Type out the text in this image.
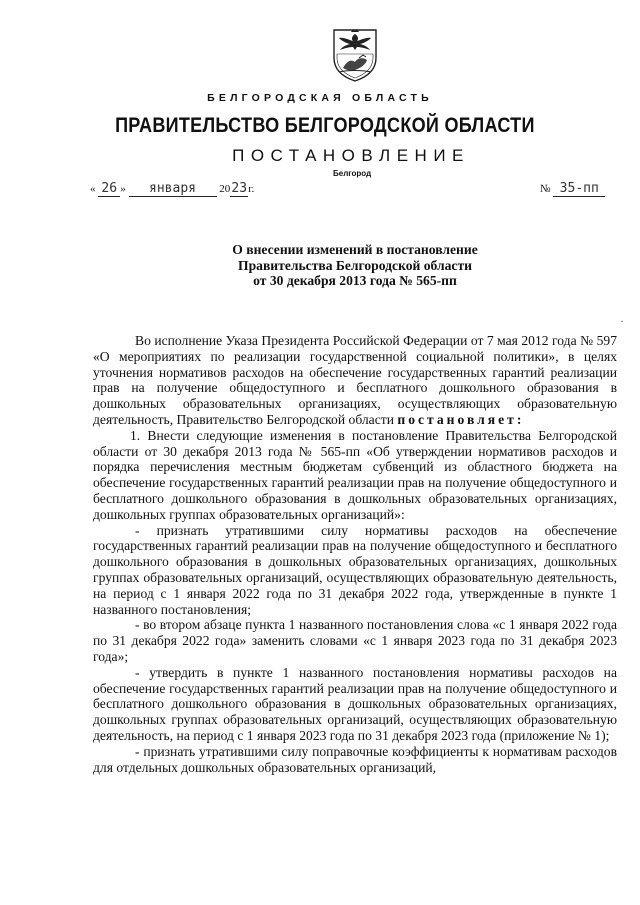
БЕЛГОРОДСКАЯ ОБЛАСТЬ
ПРАВИТЕЛЬСТВО БЕЛГОРОДСКОЙ ОБЛАСТИ
ПОСТАНОВЛЕНИЕ
Белгород
« 26 » января 2023г.	№ 35-пп
О внесении изменений в постановление
Правительства Белгородской области
от 30 декабря 2013 года № 565-пп
·

Во исполнение Указа Президента Российской Федерации от 7 мая 2012 года № 597 «О мероприятиях по реализации государственной социальной политики», в целях уточнения нормативов расходов на обеспечение государственных гарантий реализации прав на получение общедоступного и бесплатного дошкольного образования в дошкольных образовательных организациях, осуществляющих образовательную деятельность, Правительство Белгородской области постановляет:

1. Внести следующие изменения в постановление Правительства Белгородской области от 30 декабря 2013 года № 565-пп «Об утверждении нормативов расходов и порядка перечисления местным бюджетам субвенций из областного бюджета на обеспечение государственных гарантий реализации прав на получение общедоступного и бесплатного дошкольного образования в дошкольных образовательных организациях, дошкольных группах образовательных организаций»:

- признать утратившими силу нормативы расходов на обеспечение государственных гарантий реализации прав на получение общедоступного и бесплатного дошкольного образования в дошкольных образовательных организациях, дошкольных группах образовательных организаций, осуществляющих образовательную деятельность, на период с 1 января 2022 года по 31 декабря 2022 года, утвержденные в пункте 1 названного постановления;

- во втором абзаце пункта 1 названного постановления слова «с 1 января 2022 года по 31 декабря 2022 года» заменить словами «с 1 января 2023 года по 31 декабря 2023 года»;

- утвердить в пункте 1 названного постановления нормативы расходов на обеспечение государственных гарантий реализации прав на получение общедоступного и бесплатного дошкольного образования в дошкольных образовательных организациях, дошкольных группах образовательных организаций, осуществляющих образовательную деятельность, на период с 1 января 2023 года по 31 декабря 2023 года (приложение № 1);

- признать утратившими силу поправочные коэффициенты к нормативам расходов для отдельных дошкольных образовательных организаций,
